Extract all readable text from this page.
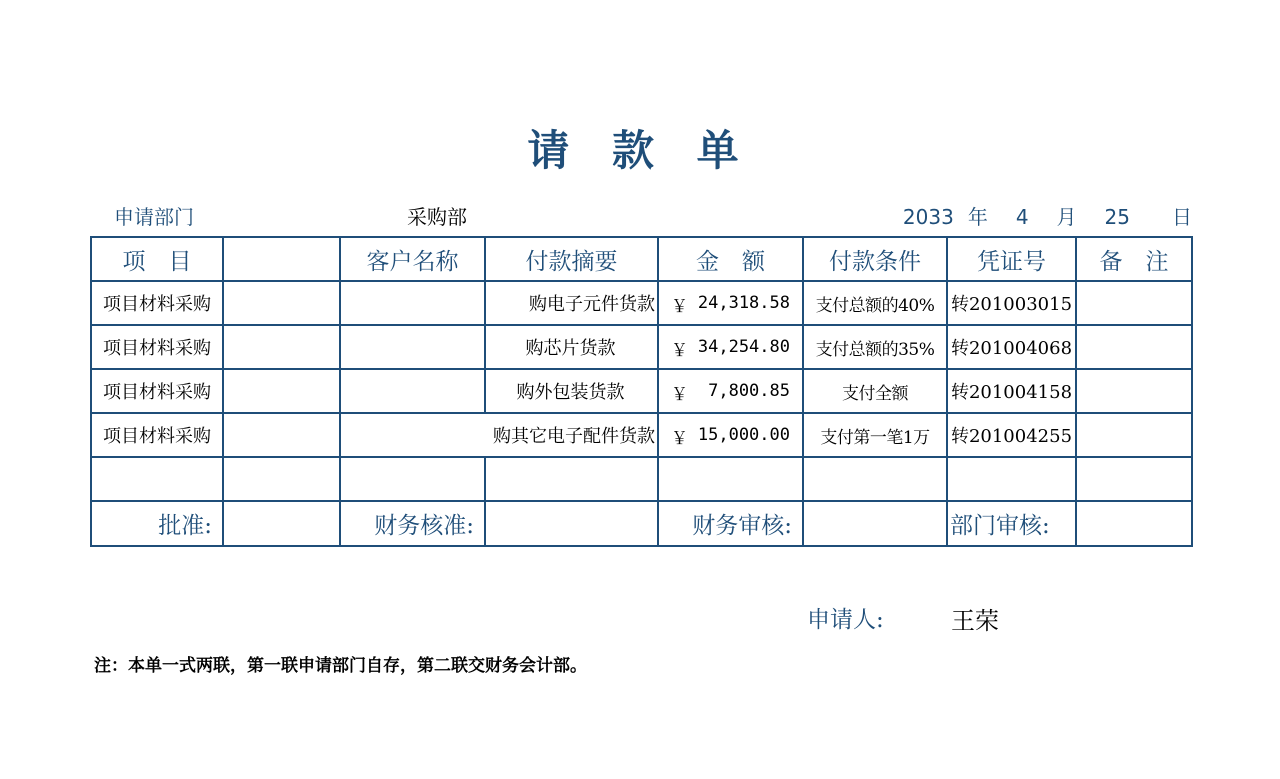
请 款 单
申请部门	采购部	2033 年 4 月 25 日
项　目		客户名称	付款摘要	金　额	付款条件	凭证号	备　注
项目材料采购			购电子元件货款	￥ 24,318.58	支付总额的40%	转201003015	
项目材料采购			购芯片货款	￥ 34,254.80	支付总额的35%	转201004068	
项目材料采购			购外包装货款	￥ 7,800.85	支付全额	转201004158	
项目材料采购		购其它电子配件货款		￥ 15,000.00	支付第一笔1万	转201004255	

批准:		财务核准:		财务审核:		部门审核:	
申请人:	王荣
注：本单一式两联，第一联申请部门自存，第二联交财务会计部。
